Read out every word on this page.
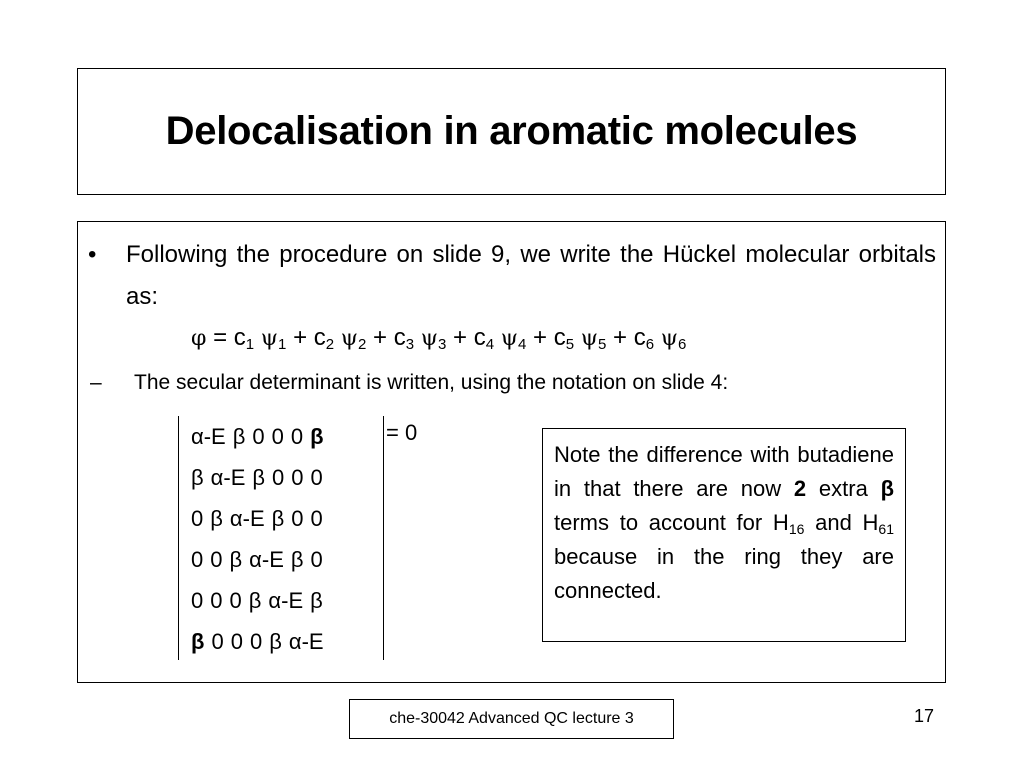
Delocalisation in aromatic molecules
• Following the procedure on slide 9, we write the Hückel molecular orbitals as:
$\varphi = c_1$ $\psi_1 + c_2$ $\psi_2 + c_3$ $\psi_3 + c_4$ $\psi_4 + c_5$ $\psi_5 + c_6$ $\psi_6$
– The secular determinant is written, using the notation on slide 4:
α-E β 0 0 0 β
β α-E β 0 0 0
0 β α-E β 0 0
0 0 β α-E β 0
0 0 0 β α-E β
β 0 0 0 β α-E
= 0
Note the difference with butadiene in that there are now 2 extra β terms to account for $H_{16}$ and $H_{61}$ because in the ring they are connected.
che-30042 Advanced QC lecture 3	17
